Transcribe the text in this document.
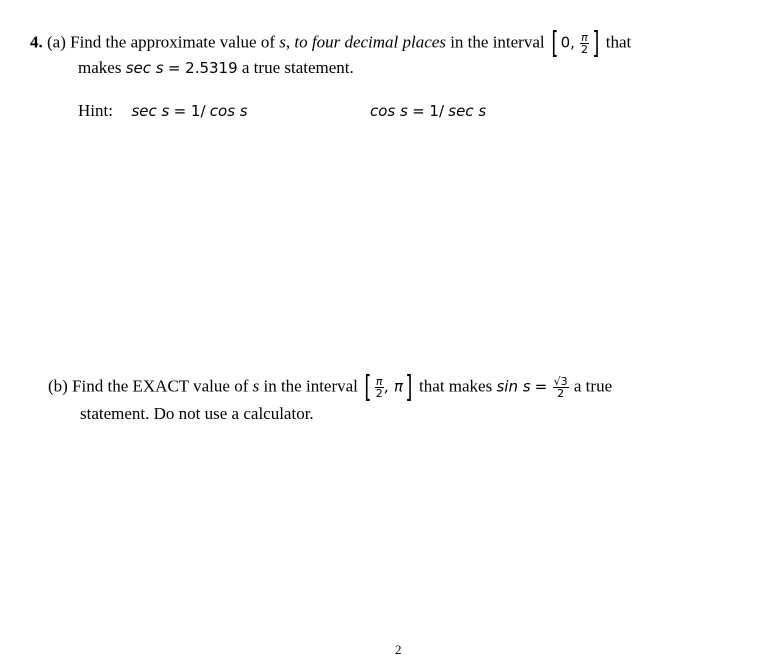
4. (a) Find the approximate value of s, to four decimal places in the interval [ 0, $\frac{\pi}{2}$ ] that
makes sec s = 2.5319 a true statement.
Hint: sec s = 1/ cos s	cos s = 1/ sec s
(b) Find the EXACT value of s in the interval [ $\frac{\pi}{2}$ , π] that makes $\sin s = \frac{√3}{2}$ a true
statement. Do not use a calculator.
2
